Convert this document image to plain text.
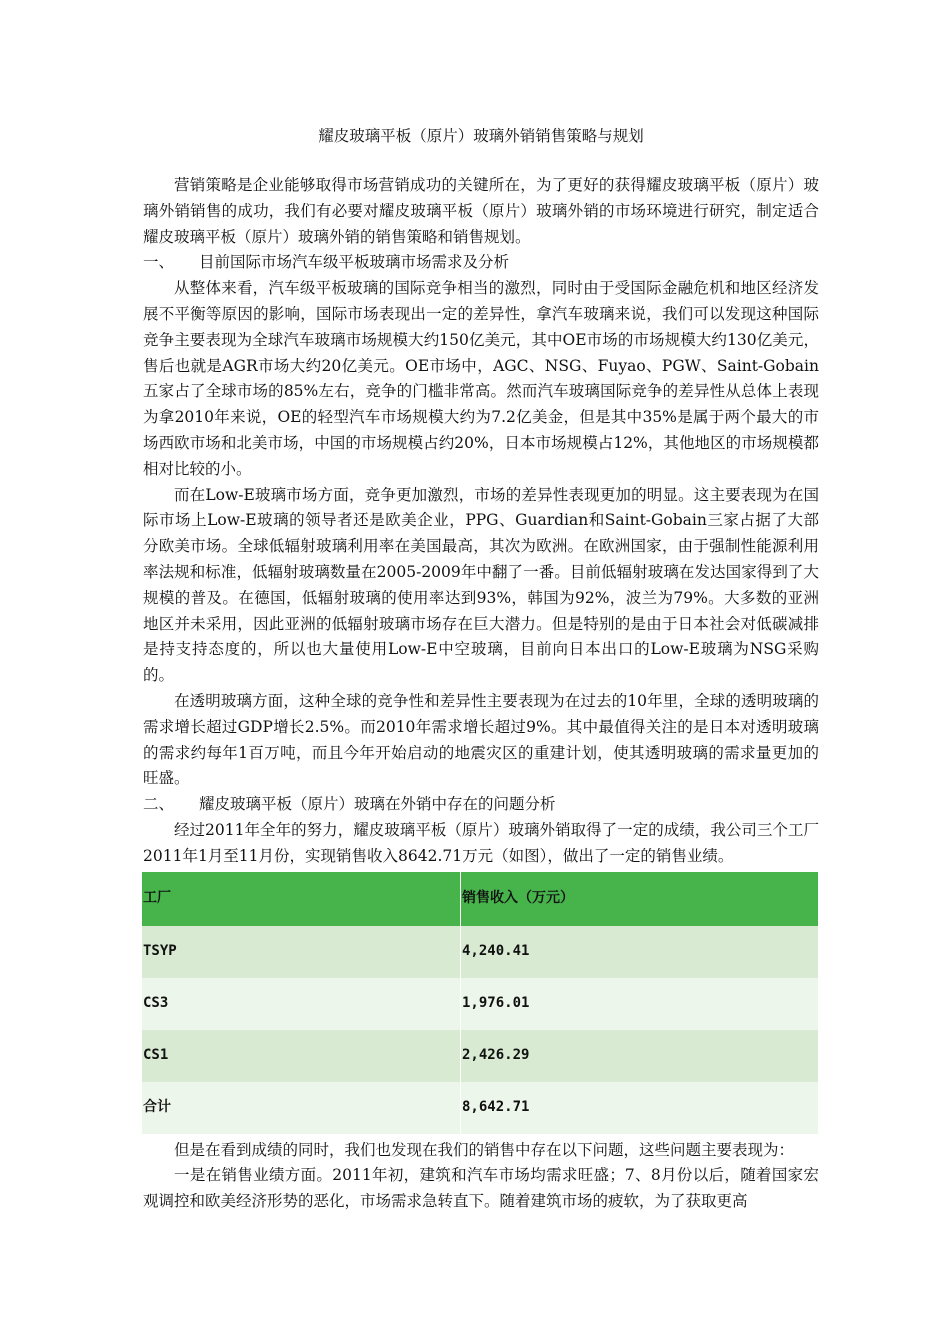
耀皮玻璃平板（原片）玻璃外销销售策略与规划

营销策略是企业能够取得市场营销成功的关键所在，为了更好的获得耀皮玻璃平板（原片）玻璃外销销售的成功，我们有必要对耀皮玻璃平板（原片）玻璃外销的市场环境进行研究，制定适合耀皮玻璃平板（原片）玻璃外销的销售策略和销售规划。

一、 目前国际市场汽车级平板玻璃市场需求及分析

从整体来看，汽车级平板玻璃的国际竞争相当的激烈，同时由于受国际金融危机和地区经济发展不平衡等原因的影响，国际市场表现出一定的差异性，拿汽车玻璃来说，我们可以发现这种国际竞争主要表现为全球汽车玻璃市场规模大约150亿美元，其中OE市场的市场规模大约130亿美元，售后也就是AGR市场大约20亿美元。OE市场中，AGC、NSG、Fuyao、PGW、Saint-Gobain五家占了全球市场的85%左右，竞争的门槛非常高。然而汽车玻璃国际竞争的差异性从总体上表现为拿2010年来说，OE的轻型汽车市场规模大约为7.2亿美金，但是其中35%是属于两个最大的市场西欧市场和北美市场，中国的市场规模占约20%，日本市场规模占12%，其他地区的市场规模都相对比较的小。

而在Low-E玻璃市场方面，竞争更加激烈，市场的差异性表现更加的明显。这主要表现为在国际市场上Low-E玻璃的领导者还是欧美企业，PPG、Guardian和Saint-Gobain三家占据了大部分欧美市场。全球低辐射玻璃利用率在美国最高，其次为欧洲。在欧洲国家，由于强制性能源利用率法规和标准，低辐射玻璃数量在2005-2009年中翻了一番。目前低辐射玻璃在发达国家得到了大规模的普及。在德国，低辐射玻璃的使用率达到93%，韩国为92%，波兰为79%。大多数的亚洲地区并未采用，因此亚洲的低辐射玻璃市场存在巨大潜力。但是特别的是由于日本社会对低碳减排是持支持态度的，所以也大量使用Low-E中空玻璃，目前向日本出口的Low-E玻璃为NSG采购的。

在透明玻璃方面，这种全球的竞争性和差异性主要表现为在过去的10年里，全球的透明玻璃的需求增长超过GDP增长2.5%。而2010年需求增长超过9%。其中最值得关注的是日本对透明玻璃的需求约每年1百万吨，而且今年开始启动的地震灾区的重建计划，使其透明玻璃的需求量更加的旺盛。

二、 耀皮玻璃平板（原片）玻璃在外销中存在的问题分析

经过2011年全年的努力，耀皮玻璃平板（原片）玻璃外销取得了一定的成绩，我公司三个工厂2011年1月至11月份，实现销售收入8642.71万元（如图），做出了一定的销售业绩。

工厂	销售收入（万元）
TSYP	4,240.41
CS3	1,976.01
CS1	2,426.29
合计	8,642.71

但是在看到成绩的同时，我们也发现在我们的销售中存在以下问题，这些问题主要表现为：

一是在销售业绩方面。2011年初，建筑和汽车市场均需求旺盛；7、8月份以后，随着国家宏观调控和欧美经济形势的恶化，市场需求急转直下。随着建筑市场的疲软，为了获取更高
